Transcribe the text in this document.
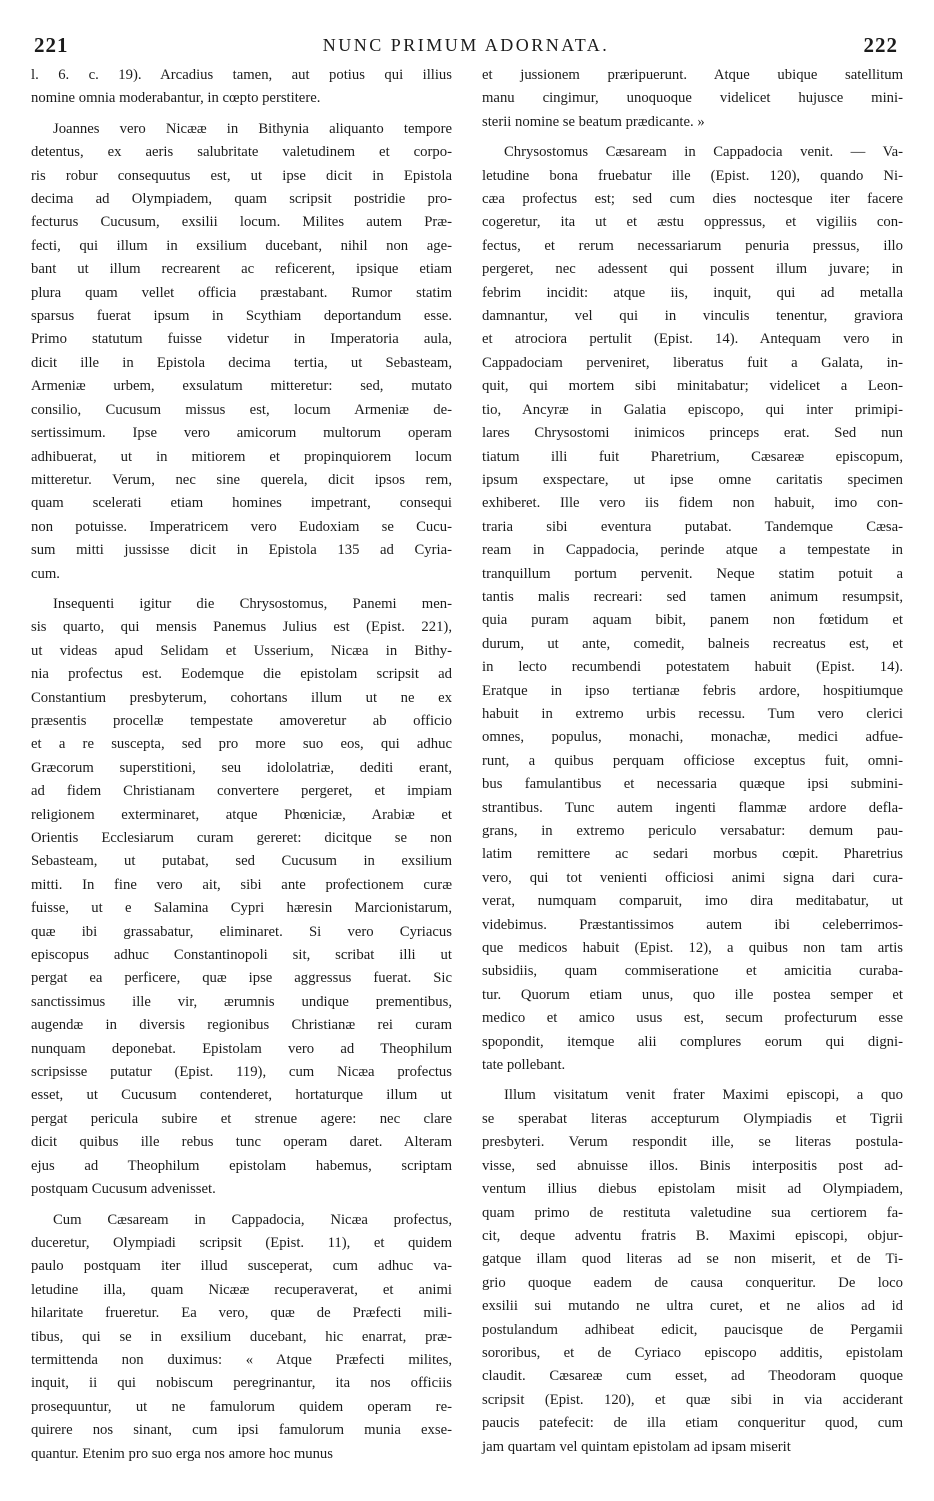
221	NUNC PRIMUM ADORNATA.	222

l. 6. c. 19). Arcadius tamen, aut potius qui illius
nomine omnia moderabantur, in cœpto perstitere.

Joannes vero Nicææ in Bithynia aliquanto tempore
detentus, ex aeris salubritate valetudinem et corpo-
ris robur consequutus est, ut ipse dicit in Epistola
decima ad Olympiadem, quam scripsit postridie pro-
fecturus Cucusum, exsilii locum. Milites autem Præ-
fecti, qui illum in exsilium ducebant, nihil non age-
bant ut illum recrearent ac reficerent, ipsique etiam
plura quam vellet officia præstabant. Rumor statim
sparsus fuerat ipsum in Scythiam deportandum esse.
Primo statutum fuisse videtur in Imperatoria aula,
dicit ille in Epistola decima tertia, ut Sebasteam,
Armeniæ urbem, exsulatum mitteretur: sed, mutato
consilio, Cucusum missus est, locum Armeniæ de-
sertissimum. Ipse vero amicorum multorum operam
adhibuerat, ut in mitiorem et propinquiorem locum
mitteretur. Verum, nec sine querela, dicit ipsos rem,
quam scelerati etiam homines impetrant, consequi
non potuisse. Imperatricem vero Eudoxiam se Cucu-
sum mitti jussisse dicit in Epistola 135 ad Cyria-
cum.

Insequenti igitur die Chrysostomus, Panemi men-
sis quarto, qui mensis Panemus Julius est (Epist. 221),
ut videas apud Selidam et Usserium, Nicæa in Bithy-
nia profectus est. Eodemque die epistolam scripsit ad
Constantium presbyterum, cohortans illum ut ne ex
præsentis procellæ tempestate amoveretur ab officio
et a re suscepta, sed pro more suo eos, qui adhuc
Græcorum superstitioni, seu idololatriæ, dediti erant,
ad fidem Christianam convertere pergeret, et impiam
religionem exterminaret, atque Phœniciæ, Arabiæ et
Orientis Ecclesiarum curam gereret: dicitque se non
Sebasteam, ut putabat, sed Cucusum in exsilium
mitti. In fine vero ait, sibi ante profectionem curæ
fuisse, ut e Salamina Cypri hæresin Marcionistarum,
quæ ibi grassabatur, eliminaret. Si vero Cyriacus
episcopus adhuc Constantinopoli sit, scribat illi ut
pergat ea perficere, quæ ipse aggressus fuerat. Sic
sanctissimus ille vir, ærumnis undique prementibus,
augendæ in diversis regionibus Christianæ rei curam
nunquam deponebat. Epistolam vero ad Theophilum
scripsisse putatur (Epist. 119), cum Nicæa profectus
esset, ut Cucusum contenderet, hortaturque illum ut
pergat pericula subire et strenue agere: nec clare
dicit quibus ille rebus tunc operam daret. Alteram
ejus ad Theophilum epistolam habemus, scriptam
postquam Cucusum advenisset.

Cum Cæsaream in Cappadocia, Nicæa profectus,
duceretur, Olympiadi scripsit (Epist. 11), et quidem
paulo postquam iter illud susceperat, cum adhuc va-
letudine illa, quam Nicææ recuperaverat, et animi
hilaritate frueretur. Ea vero, quæ de Præfecti mili-
tibus, qui se in exsilium ducebant, hic enarrat, præ-
termittenda non duximus: « Atque Præfecti milites,
inquit, ii qui nobiscum peregrinantur, ita nos officiis
prosequuntur, ut ne famulorum quidem operam re-
quirere nos sinant, cum ipsi famulorum munia exse-
quantur. Etenim pro suo erga nos amore hoc munus

et jussionem præripuerunt. Atque ubique satellitum
manu cingimur, unoquoque videlicet hujusce mini-
sterii nomine se beatum prædicante. »

Chrysostomus Cæsaream in Cappadocia venit. — Va-
letudine bona fruebatur ille (Epist. 120), quando Ni-
cæa profectus est; sed cum dies noctesque iter facere
cogeretur, ita ut et æstu oppressus, et vigiliis con-
fectus, et rerum necessariarum penuria pressus, illo
pergeret, nec adessent qui possent illum juvare; in
febrim incidit: atque iis, inquit, qui ad metalla
damnantur, vel qui in vinculis tenentur, graviora
et atrociora pertulit (Epist. 14). Antequam vero in
Cappadociam perveniret, liberatus fuit a Galata, in-
quit, qui mortem sibi minitabatur; videlicet a Leon-
tio, Ancyræ in Galatia episcopo, qui inter primipi-
lares Chrysostomi inimicos princeps erat. Sed nun
tiatum illi fuit Pharetrium, Cæsareæ episcopum,
ipsum exspectare, ut ipse omne caritatis specimen
exhiberet. Ille vero iis fidem non habuit, imo con-
traria sibi eventura putabat. Tandemque Cæsa-
ream in Cappadocia, perinde atque a tempestate in
tranquillum portum pervenit. Neque statim potuit a
tantis malis recreari: sed tamen animum resumpsit,
quia puram aquam bibit, panem non fœtidum et
durum, ut ante, comedit, balneis recreatus est, et
in lecto recumbendi potestatem habuit (Epist. 14).
Eratque in ipso tertianæ febris ardore, hospitiumque
habuit in extremo urbis recessu. Tum vero clerici
omnes, populus, monachi, monachæ, medici adfue-
runt, a quibus perquam officiose exceptus fuit, omni-
bus famulantibus et necessaria quæque ipsi submini-
strantibus. Tunc autem ingenti flammæ ardore defla-
grans, in extremo periculo versabatur: demum pau-
latim remittere ac sedari morbus cœpit. Pharetrius
vero, qui tot venienti officiosi animi signa dari cura-
verat, numquam comparuit, imo dira meditabatur, ut
videbimus. Præstantissimos autem ibi celeberrimos-
que medicos habuit (Epist. 12), a quibus non tam artis
subsidiis, quam commiseratione et amicitia curaba-
tur. Quorum etiam unus, quo ille postea semper et
medico et amico usus est, secum profecturum esse
spopondit, itemque alii complures eorum qui digni-
tate pollebant.

Illum visitatum venit frater Maximi episcopi, a quo
se sperabat literas accepturum Olympiadis et Tigrii
presbyteri. Verum respondit ille, se literas postula-
visse, sed abnuisse illos. Binis interpositis post ad-
ventum illius diebus epistolam misit ad Olympiadem,
quam primo de restituta valetudine sua certiorem fa-
cit, deque adventu fratris B. Maximi episcopi, objur-
gatque illam quod literas ad se non miserit, et de Ti-
grio quoque eadem de causa conqueritur. De loco
exsilii sui mutando ne ultra curet, et ne alios ad id
postulandum adhibeat edicit, paucisque de Pergamii
sororibus, et de Cyriaco episcopo additis, epistolam
claudit. Cæsareæ cum esset, ad Theodoram quoque
scripsit (Epist. 120), et quæ sibi in via acciderant
paucis patefecit: de illa etiam conqueritur quod, cum
jam quartam vel quintam epistolam ad ipsam miserit
